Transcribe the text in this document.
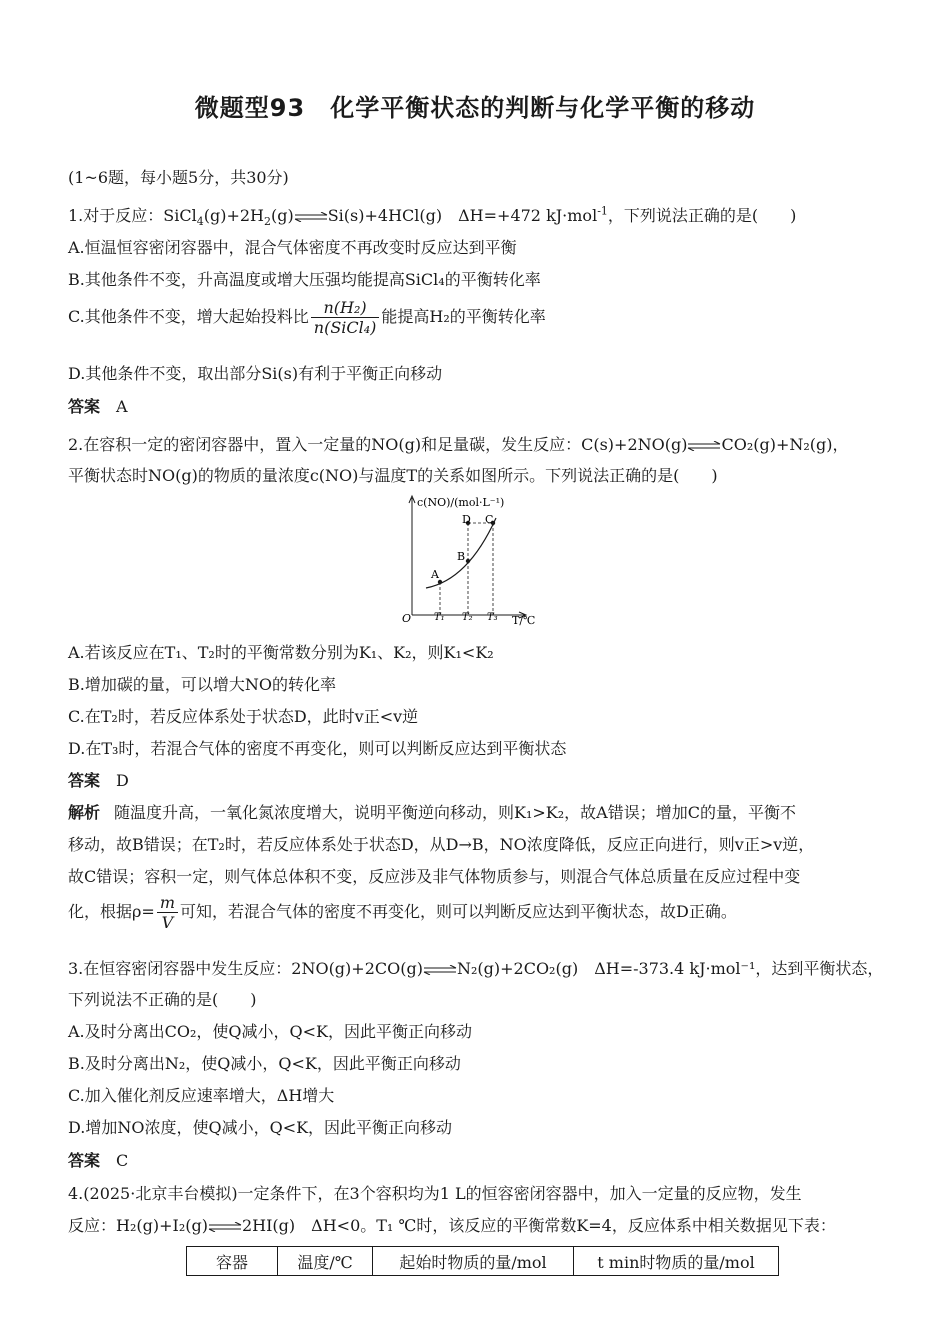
微题型93　化学平衡状态的判断与化学平衡的移动
(1~6题，每小题5分，共30分)
1.对于反应：$SiCl_4(g)+2H_2(g)\rightleftharpoons Si(s)+4HCl(g)$　ΔH=+472 kJ·mol$^{-1}$，下列说法正确的是(　　)
A.恒温恒容密闭容器中，混合气体密度不再改变时反应达到平衡
B.其他条件不变，升高温度或增大压强均能提高SiCl₄的平衡转化率
C.其他条件不变，增大起始投料比 $\frac{\text{n(H₂)}}{\text{n(SiCl₄)}}$ 能提高H₂的平衡转化率
D.其他条件不变，取出部分Si(s)有利于平衡正向移动
答案 A
2.在容积一定的密闭容器中，置入一定量的NO(g)和足量碳，发生反应：C(s)+2NO(g)⇌CO₂(g)+N₂(g)，
平衡状态时NO(g)的物质的量浓度c(NO)与温度T的关系如图所示。下列说法正确的是(　　)
c(NO)/(mol·L⁻¹)
O	T/℃
A
B
C
D
T₁ T₂ T₃
A.若该反应在T₁、T₂时的平衡常数分别为K₁、K₂，则K₁<K₂
B.增加碳的量，可以增大NO的转化率
C.在T₂时，若反应体系处于状态D，此时v正<v逆
D.在T₃时，若混合气体的密度不再变化，则可以判断反应达到平衡状态
答案 D
解析 随温度升高，一氧化氮浓度增大，说明平衡逆向移动，则K₁>K₂，故A错误；增加C的量，平衡不
移动，故B错误；在T₂时，若反应体系处于状态D，从D→B，NO浓度降低，反应正向进行，则v正>v逆，
故C错误；容积一定，则气体总体积不变，反应涉及非气体物质参与，则混合气体总质量在反应过程中变
化，根据$\rho= \frac{m}{V}$ 可知，若混合气体的密度不再变化，则可以判断反应达到平衡状态，故D正确。
3.在恒容密闭容器中发生反应：2NO(g)+2CO(g)⇌N₂(g)+2CO₂(g)　ΔH=-373.4 kJ·mol⁻¹，达到平衡状态，
下列说法不正确的是(　　)
A.及时分离出CO₂，使Q减小，Q<K，因此平衡正向移动
B.及时分离出N₂，使Q减小，Q<K，因此平衡正向移动
C.加入催化剂反应速率增大，ΔH增大
D.增加NO浓度，使Q减小，Q<K，因此平衡正向移动
答案 C
4.(2025·北京丰台模拟)一定条件下，在3个容积均为1 L的恒容密闭容器中，加入一定量的反应物，发生
反应：H₂(g)+I₂(g)⇌2HI(g)　ΔH<0。T₁ ℃时，该反应的平衡常数K=4，反应体系中相关数据见下表：
容器	温度/℃	起始时物质的量/mol	t min时物质的量/mol
